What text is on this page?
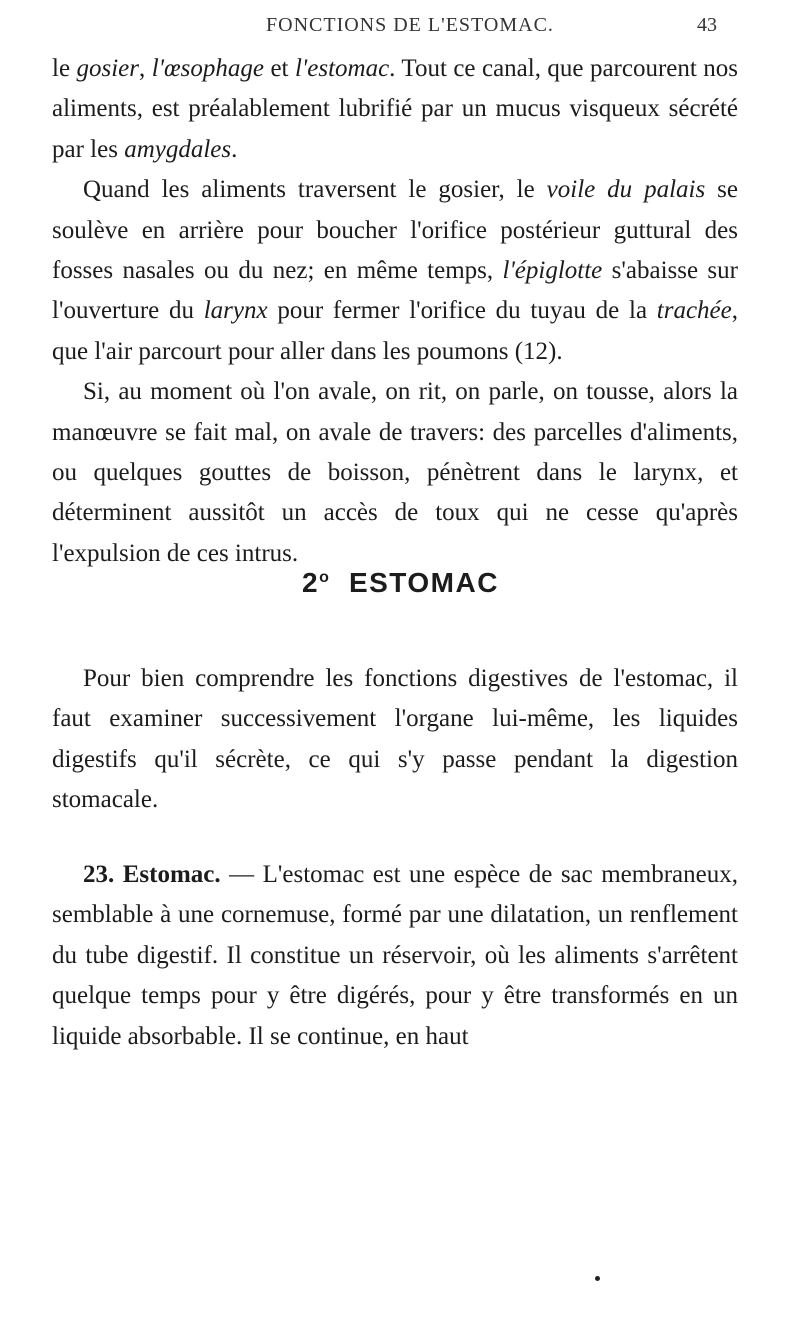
FONCTIONS DE L'ESTOMAC.	43

le gosier, l'œsophage et l'estomac. Tout ce canal, que parcourent nos aliments, est préalablement lubrifié par un mucus visqueux sécrété par les amygdales.

Quand les aliments traversent le gosier, le voile du palais se soulève en arrière pour boucher l'orifice postérieur guttural des fosses nasales ou du nez; en même temps, l'épiglotte s'abaisse sur l'ouverture du larynx pour fermer l'orifice du tuyau de la trachée, que l'air parcourt pour aller dans les poumons (12).

Si, au moment où l'on avale, on rit, on parle, on tousse, alors la manœuvre se fait mal, on avale de travers: des parcelles d'aliments, ou quelques gouttes de boisson, pénètrent dans le larynx, et déterminent aussitôt un accès de toux qui ne cesse qu'après l'expulsion de ces intrus.

2$^o$ ESTOMAC

Pour bien comprendre les fonctions digestives de l'estomac, il faut examiner successivement l'organe lui-même, les liquides digestifs qu'il sécrète, ce qui s'y passe pendant la digestion stomacale.

23. Estomac. — L'estomac est une espèce de sac membraneux, semblable à une cornemuse, formé par une dilatation, un renflement du tube digestif. Il constitue un réservoir, où les aliments s'arrêtent quelque temps pour y être digérés, pour y être transformés en un liquide absorbable. Il se continue, en haut
